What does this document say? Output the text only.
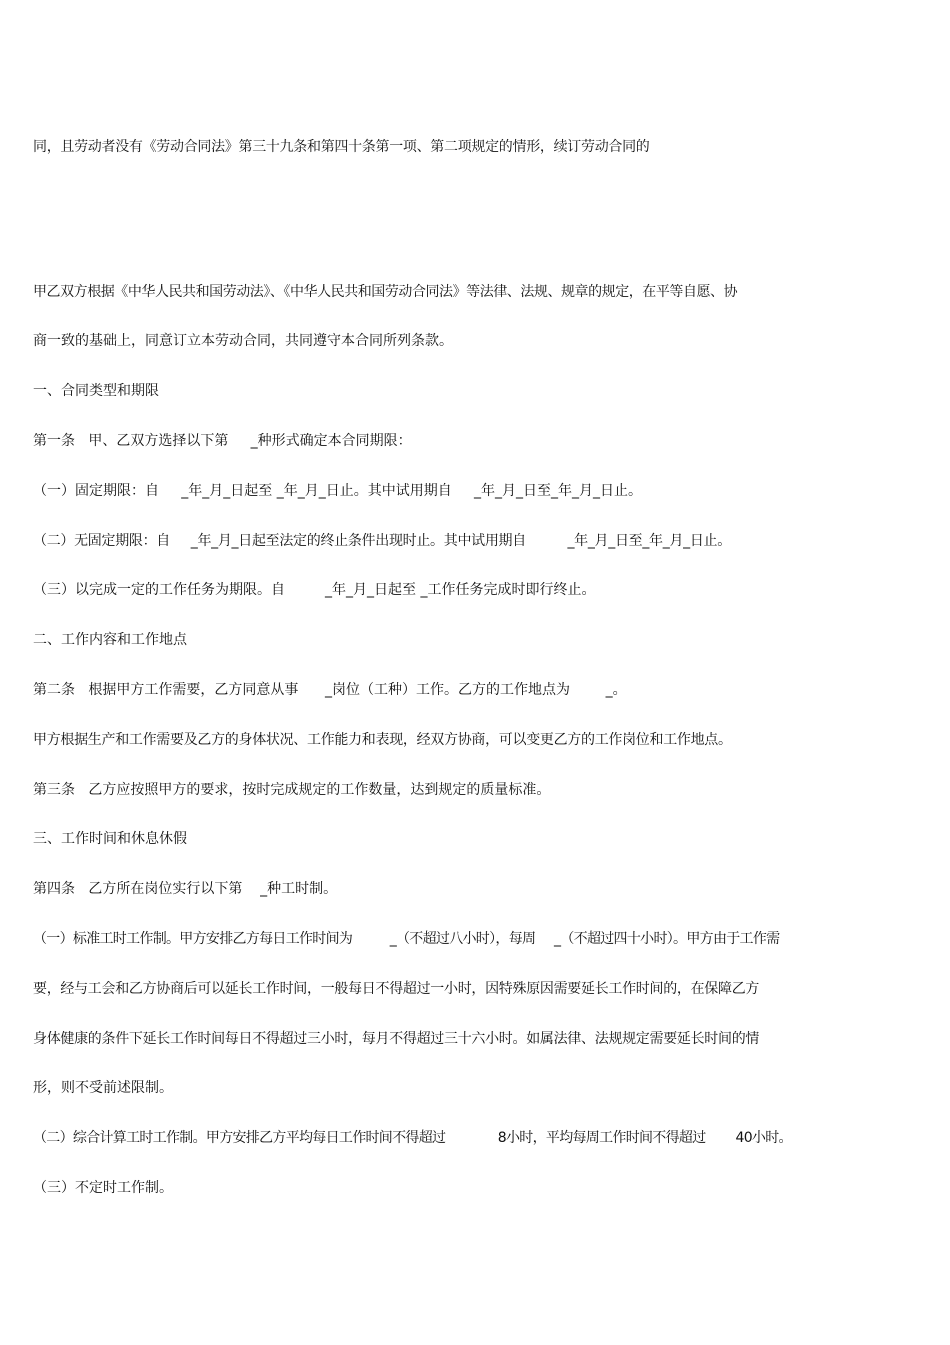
同，且劳动者没有《劳动合同法》第三十九条和第四十条第一项、第二项规定的情形，续订劳动合同的
甲乙双方根据《中华人民共和国劳动法》、《中华人民共和国劳动合同法》等法律、法规、规章的规定，在平等自愿、协
商一致的基础上，同意订立本劳动合同，共同遵守本合同所列条款。
一、合同类型和期限
第一条   甲、乙双方选择以下第     _种形式确定本合同期限：
（一）固定期限：自     _年_月_日起至 _年_月_日止。其中试用期自     _年_月_日至_年_月_日止。
（二）无固定期限：自     _年_月_日起至法定的终止条件出现时止。其中试用期自          _年_月_日至_年_月_日止。
（三）以完成一定的工作任务为期限。自         _年_月_日起至 _工作任务完成时即行终止。
二、工作内容和工作地点
第二条   根据甲方工作需要，乙方同意从事      _岗位（工种）工作。乙方的工作地点为        _。
甲方根据生产和工作需要及乙方的身体状况、工作能力和表现，经双方协商，可以变更乙方的工作岗位和工作地点。
第三条   乙方应按照甲方的要求，按时完成规定的工作数量，达到规定的质量标准。
三、工作时间和休息休假
第四条   乙方所在岗位实行以下第    _种工时制。
（一）标准工时工作制。甲方安排乙方每日工作时间为          _（不超过八小时），每周     _（不超过四十小时）。甲方由于工作需
要，经与工会和乙方协商后可以延长工作时间，一般每日不得超过一小时，因特殊原因需要延长工作时间的，在保障乙方
身体健康的条件下延长工作时间每日不得超过三小时，每月不得超过三十六小时。如属法律、法规规定需要延长时间的情
形，则不受前述限制。
（二）综合计算工时工作制。甲方安排乙方平均每日工作时间不得超过              8小时，平均每周工作时间不得超过        40小时。
（三）不定时工作制。
